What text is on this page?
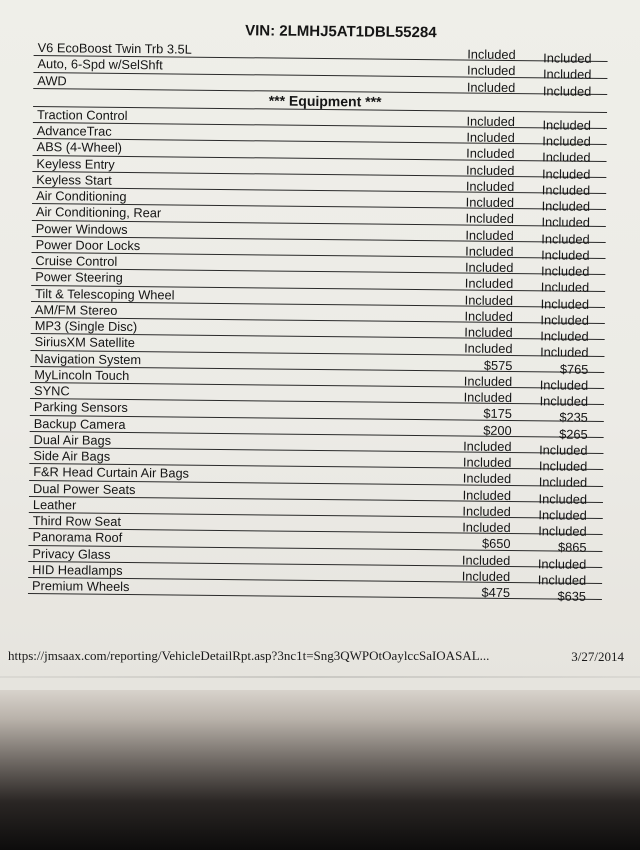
VIN: 2LMHJ5AT1DBL55284
V6 EcoBoost Twin Trb 3.5L	Included	Included
Auto, 6-Spd w/SelShft	Included	Included
AWD	Included	Included
*** Equipment ***
Traction Control	Included	Included
AdvanceTrac	Included	Included
ABS (4-Wheel)	Included	Included
Keyless Entry	Included	Included
Keyless Start	Included	Included
Air Conditioning	Included	Included
Air Conditioning, Rear	Included	Included
Power Windows	Included	Included
Power Door Locks	Included	Included
Cruise Control	Included	Included
Power Steering	Included	Included
Tilt & Telescoping Wheel	Included	Included
AM/FM Stereo	Included	Included
MP3 (Single Disc)	Included	Included
SiriusXM Satellite	Included	Included
Navigation System	$575	$765
MyLincoln Touch	Included	Included
SYNC	Included	Included
Parking Sensors	$175	$235
Backup Camera	$200	$265
Dual Air Bags	Included	Included
Side Air Bags	Included	Included
F&R Head Curtain Air Bags	Included	Included
Dual Power Seats	Included	Included
Leather	Included	Included
Third Row Seat	Included	Included
Panorama Roof	$650	$865
Privacy Glass	Included	Included
HID Headlamps	Included	Included
Premium Wheels	$475	$635
https://jmsaax.com/reporting/VehicleDetailRpt.asp?3nc1t=Sng3QWPOtOaylccSaIOASAL...	3/27/2014
